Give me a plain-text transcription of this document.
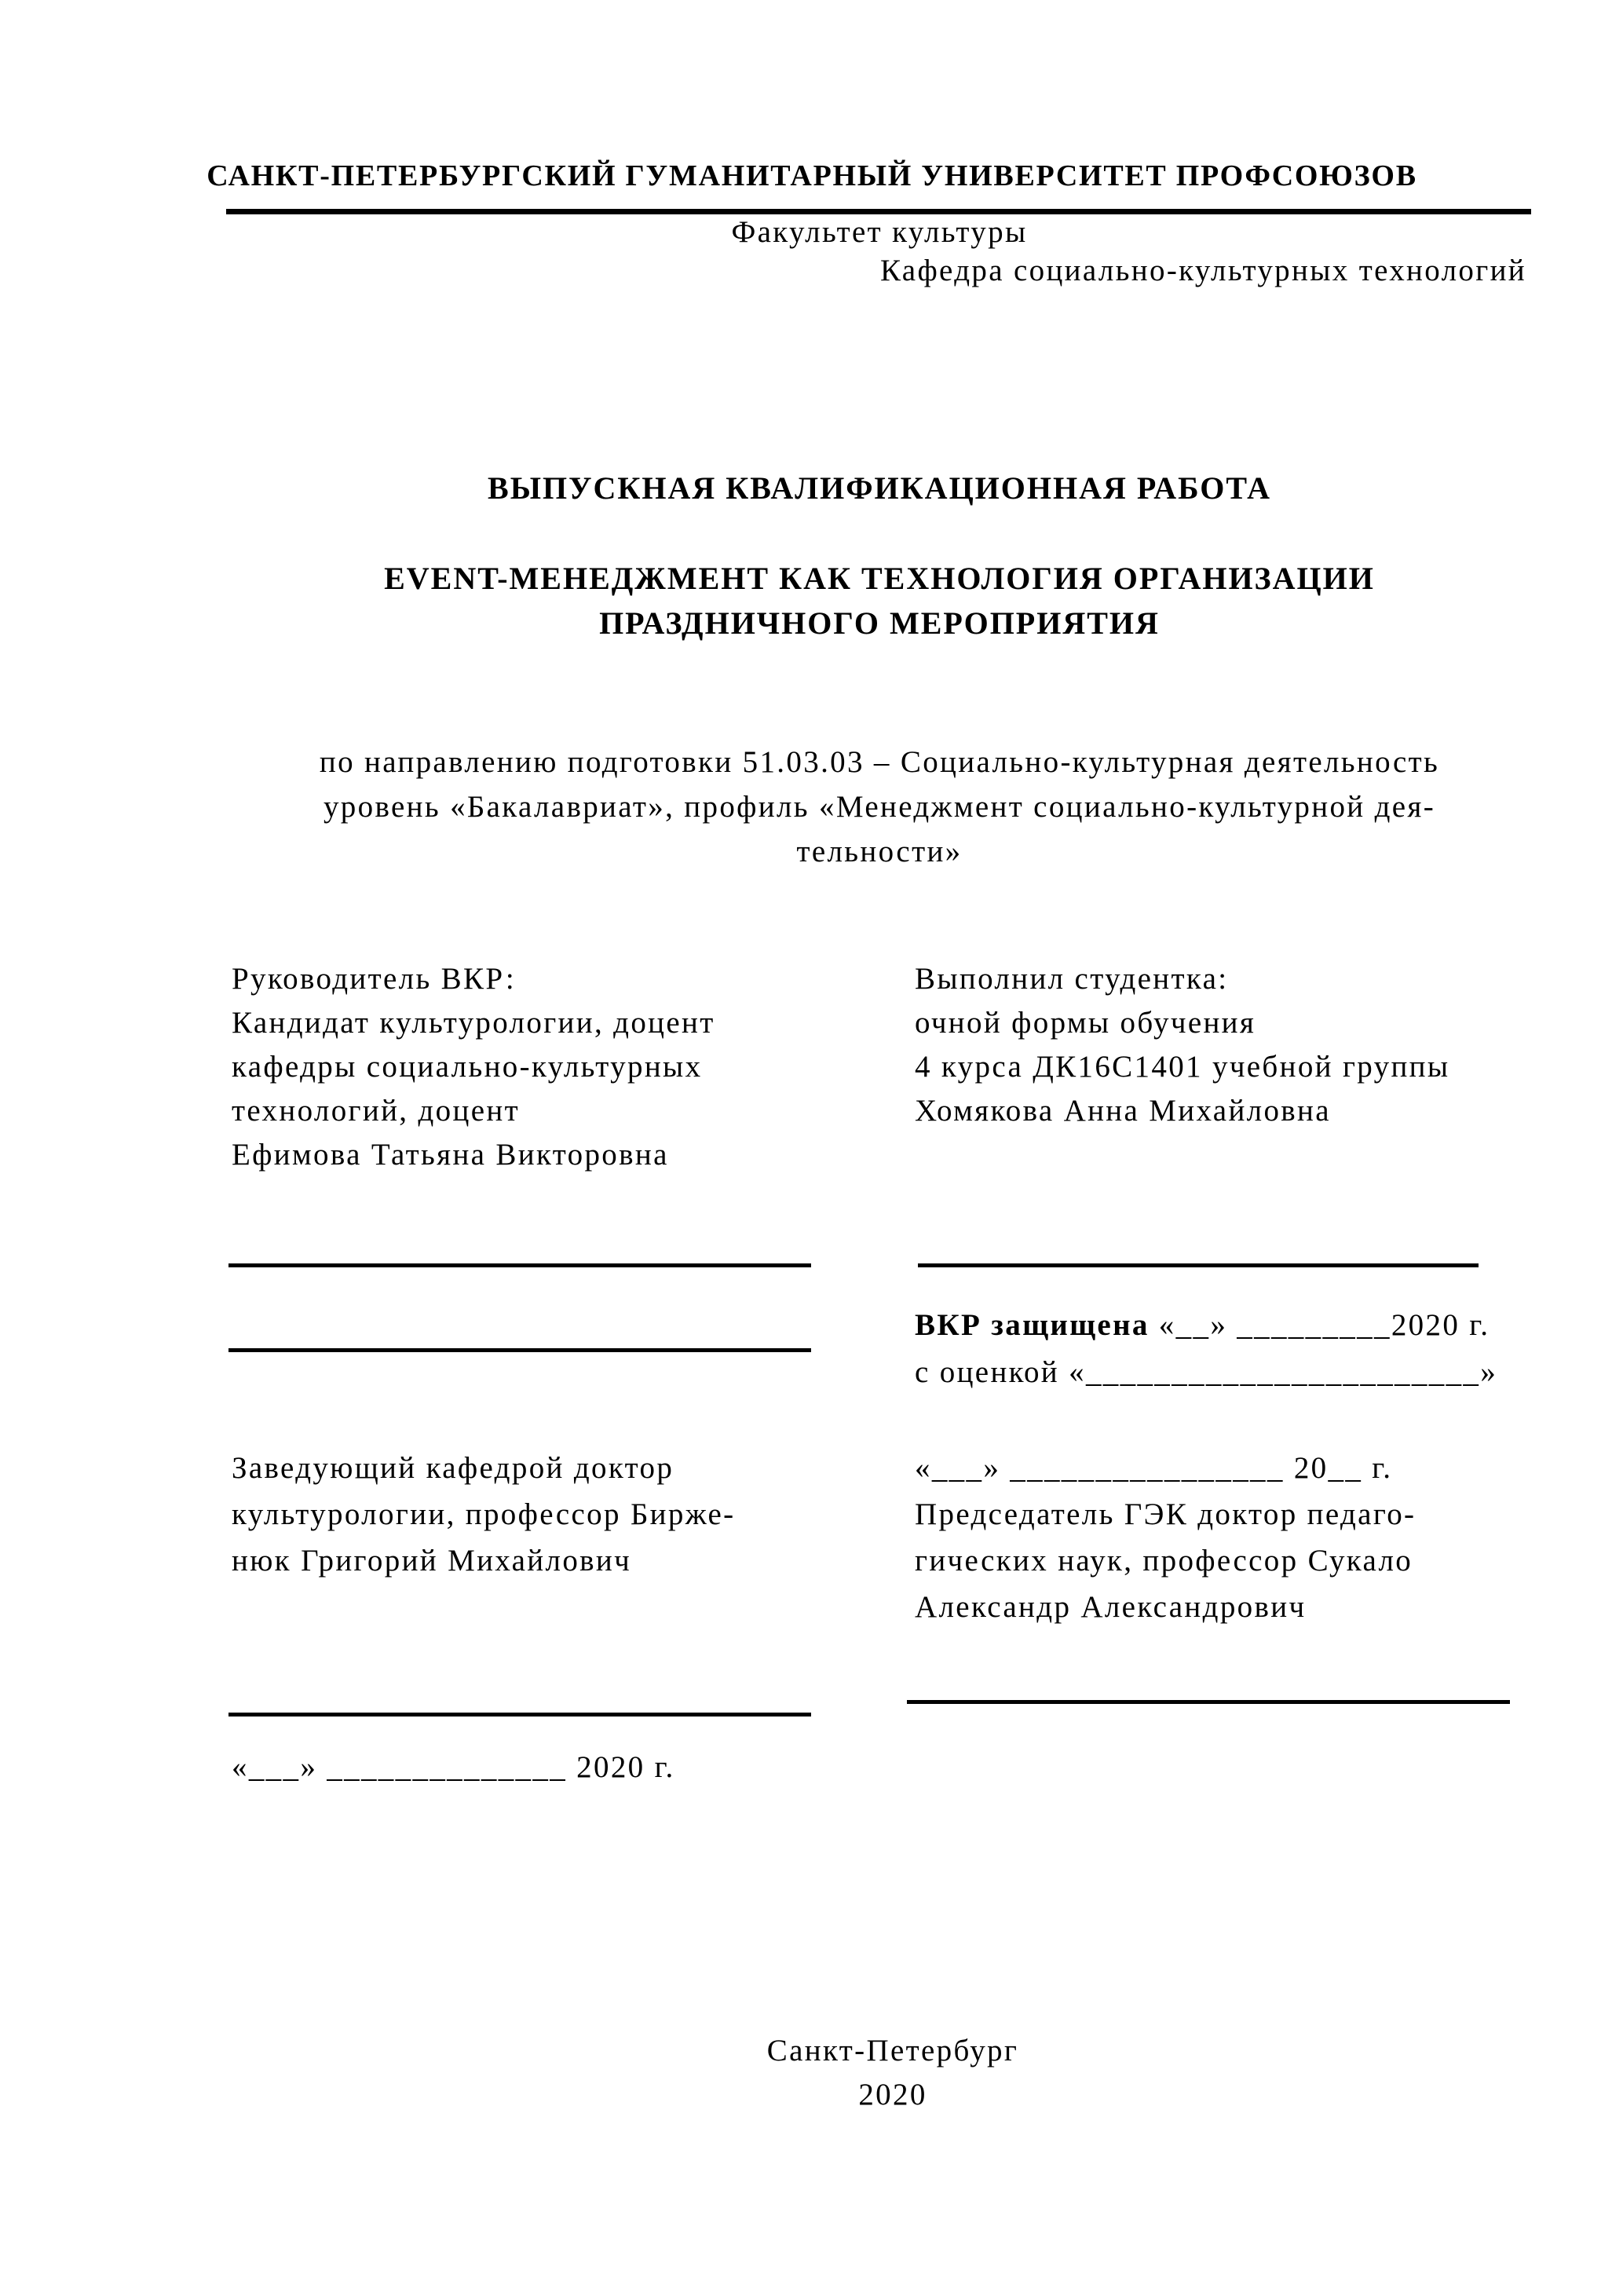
САНКТ-ПЕТЕРБУРГСКИЙ ГУМАНИТАРНЫЙ УНИВЕРСИТЕТ ПРОФСОЮЗОВ
Факультет культуры
Кафедра социально-культурных технологий
ВЫПУСКНАЯ КВАЛИФИКАЦИОННАЯ РАБОТА
EVENT-МЕНЕДЖМЕНТ КАК ТЕХНОЛОГИЯ ОРГАНИЗАЦИИ
ПРАЗДНИЧНОГО МЕРОПРИЯТИЯ
по направлению подготовки 51.03.03 – Социально-культурная деятельность
уровень «Бакалавриат», профиль «Менеджмент социально-культурной дея-
тельности»
Руководитель ВКР:
Кандидат культурологии, доцент
кафедры социально-культурных
технологий, доцент
Ефимова Татьяна Викторовна
Выполнил студентка:
очной формы обучения
4 курса ДК16С1401 учебной группы
Хомякова Анна Михайловна
ВКР защищена «__» _________2020 г.
с оценкой «_______________________»
Заведующий кафедрой доктор
культурологии, профессор Бирже-
нюк Григорий Михайлович
«___» ________________ 20__ г.
Председатель ГЭК доктор педаго-
гических наук, профессор Сукало
Александр Александрович
«___» ______________ 2020 г.
Санкт-Петербург
2020
